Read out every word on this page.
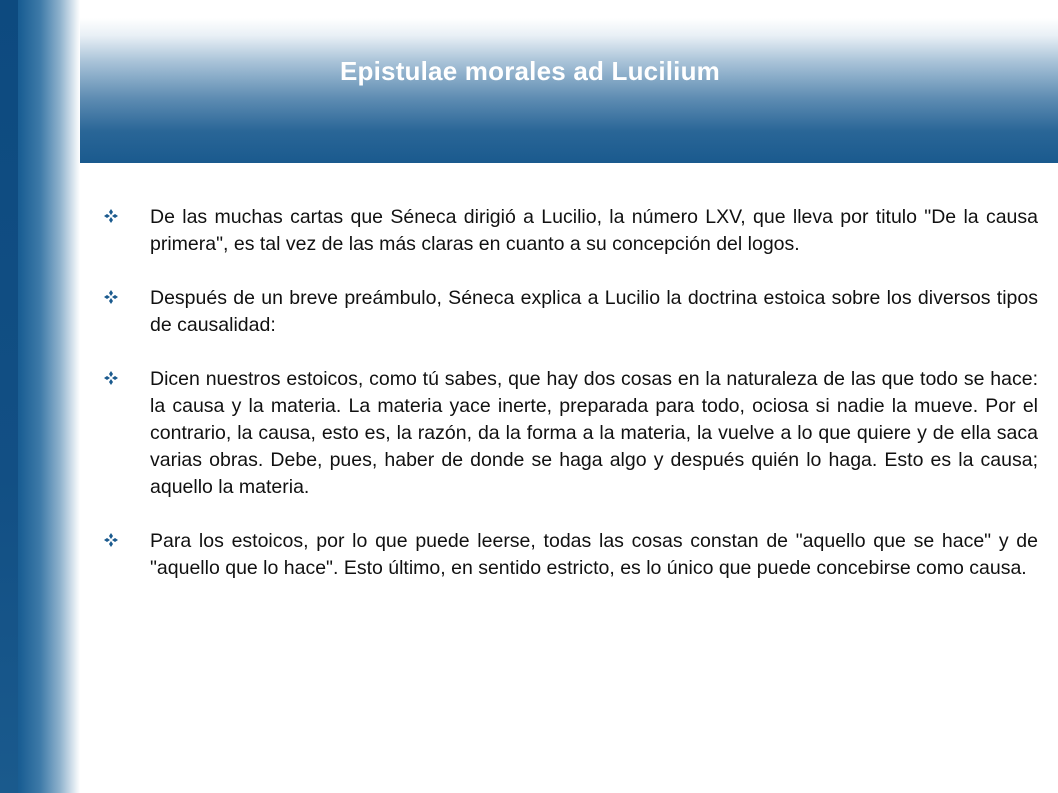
Epistulae morales ad Lucilium
De las muchas cartas que Séneca dirigió a Lucilio, la número LXV, que lleva por titulo "De la causa primera", es tal vez de las más claras en cuanto a su concepción del logos.
Después de un breve preámbulo, Séneca explica a Lucilio la doctrina estoica sobre los diversos tipos de causalidad:
Dicen nuestros estoicos, como tú sabes, que hay dos cosas en la naturaleza de las que todo se hace: la causa y la materia. La materia yace inerte, preparada para todo, ociosa si nadie la mueve. Por el contrario, la causa, esto es, la razón, da la forma a la materia, la vuelve a lo que quiere y de ella saca varias obras. Debe, pues, haber de donde se haga algo y después quién lo haga. Esto es la causa; aquello la materia.
Para los estoicos, por lo que puede leerse, todas las cosas constan de "aquello que se hace" y de "aquello que lo hace". Esto último, en sentido estricto, es lo único que puede concebirse como causa.
